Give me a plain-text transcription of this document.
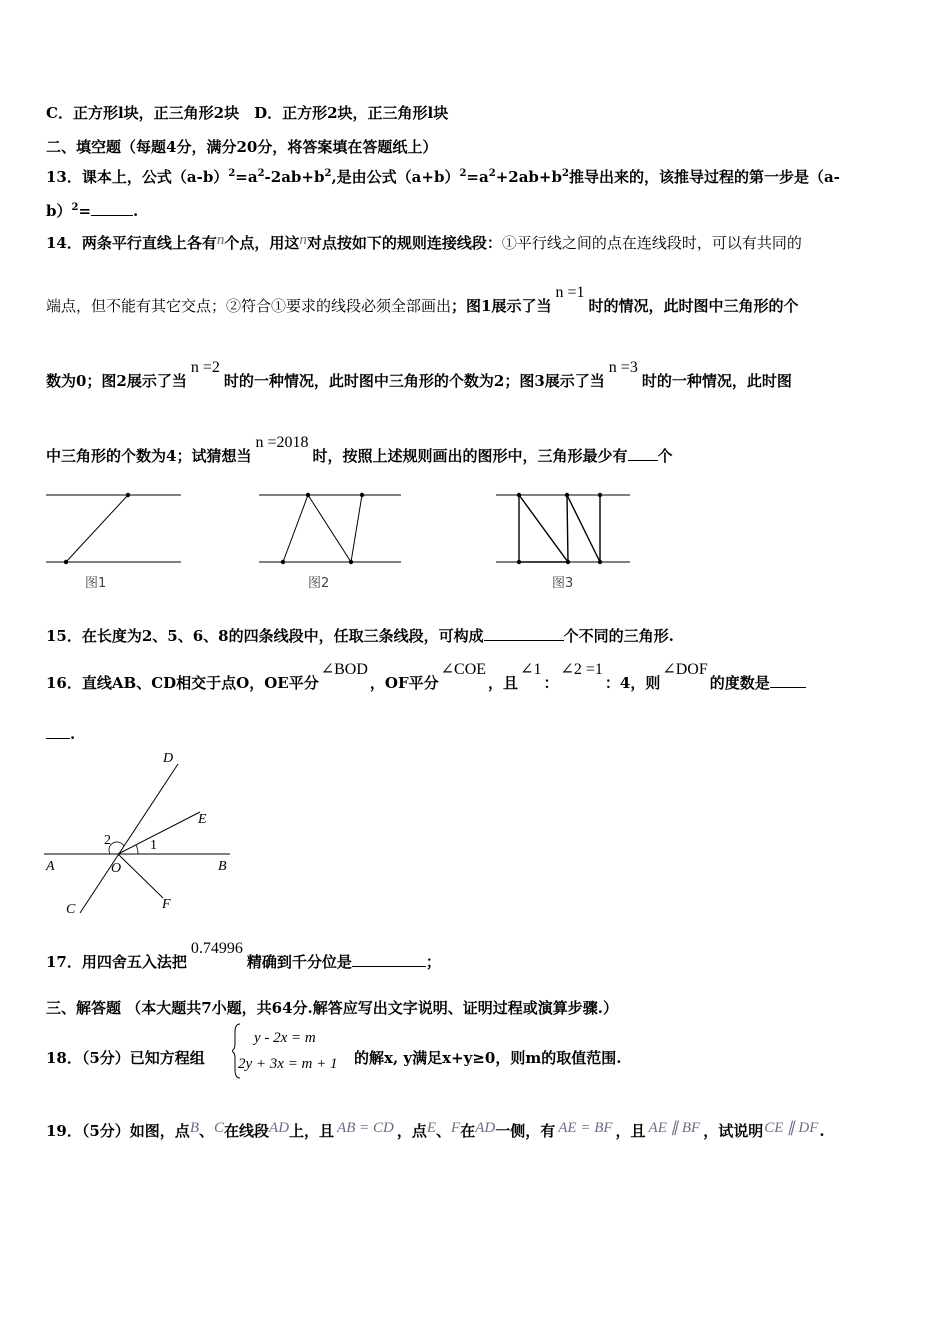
C．正方形l块，正三角形2块　D．正方形2块，正三角形l块
二、填空题（每题4分，满分20分，将答案填在答题纸上）
13．课本上，公式$(a-b)^2=a^2-2ab+b^2$,是由公式$(a+b)^2=a^2+2ab+b^2$推导出来的，该推导过程的第一步是（a-
b）$^2$=	.
14．两条平行直线上各有n个点，用这n对点按如下的规则连接线段：①平行线之间的点在连线段时，可以有共同的
端点，但不能有其它交点；②符合①要求的线段必须全部画出；图1展示了当n =1时的情况，此时图中三角形的个
数为0；图2展示了当n =2时的一种情况，此时图中三角形的个数为2；图3展示了当n =3时的一种情况，此时图
中三角形的个数为4；试猜想当n =2018时，按照上述规则画出的图形中，三角形最少有 个
图1	图2	图3
15．在长度为2、5、6、8的四条线段中，任取三条线段，可构成	个不同的三角形.
16．直线AB、CD相交于点O，OE平分∠BOD，OF平分∠COE，且∠1：∠2 =1：4，则∠DOF的度数是
.
D
E
A	O	B
C	F
1
2
17．用四舍五入法把0.74996精确到千分位是	；
三、解答题 （本大题共7小题，共64分.解答应写出文字说明、证明过程或演算步骤.）
18．（5分）已知方程组
y - 2x = m
2y + 3x = m + 1 的解x, y满足x+y≥0，则m的取值范围.
19．（5分）如图，点B、C在线段AD上，且 AB = CD ，点E、F在AD一侧，有 AE = BF ，且 AE ∥ BF ，试说明CE ∥ DF.
